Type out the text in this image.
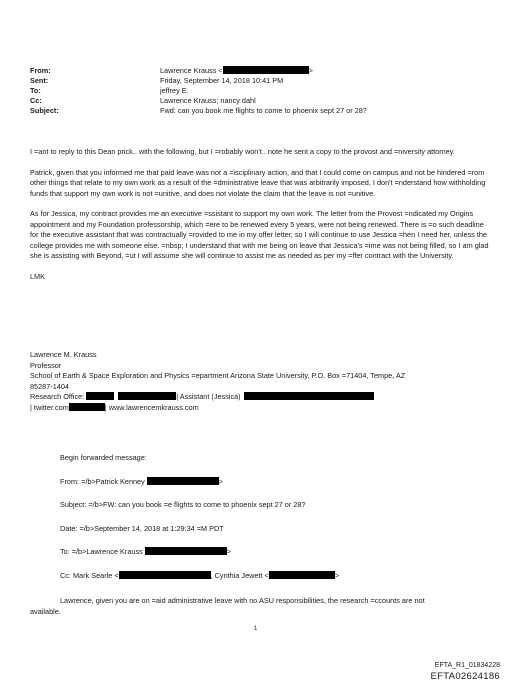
From:	Lawrence Krauss <	>
Sent:	Friday, September 14, 2018 10:41 PM
To:	jeffrey E.
Cc:	Lawrence Krauss; nancy dahl
Subject:	Fwd: can you book me flights to come to phoenix sept 27 or 28?

I =ant to reply to this Dean prick.. with the following, but I =robably won't.. note he sent a copy to the provost and =niversity attorney.

Patrick, given that you informed me that paid leave was not a =isciplinary action, and that I could come on campus and not be hindered =rom other things that relate to my own work as a result of the =dministrative leave that was arbitrarily imposed, I don't =nderstand how withholding funds that support my own work is not =unitive, and does not violate the claim that the leave is not =unitive.

As for Jessica, my contract provides me an executive =ssistant to support my own work. The letter from the Provost =ndicated my Origins appointment and my Foundation professorship, which =ere to be renewed every 5 years, were not being renewed. There is =o such deadline for the executive assistant that was contractually =rovided to me in my offer letter, so I will continue to use Jessica =hen I need her, unless the college provides me with someone else. =nbsp; I understand that with me being on leave that Jessica's =ime was not being filled, so I am glad she is assisting with Beyond, =ut I will assume she will continue to assist me as needed as per my =ffer contract with the University.

LMK

Lawrence M. Krauss
Professor
School of Earth & Space Exploration and Physics =epartment Arizona State University, P.O. Box =71404, Tempe, AZ
85287-1404
Research Office:	| Assistant (Jessica)
| twitter.com	| www.lawrencemkrauss.com
Begin forwarded message:
From: =/b>Patrick Kenney	>
Subject: =/b>FW: can you book =e flights to come to phoenix sept 27 or 28?
Date: =/b>September 14, 2018 at 1:29:34 =M PDT
To: =/b>Lawrence Krauss	>
Cc: Mark Searle <	, Cynthia Jewett <	>
Lawrence, given you are on =aid administrative leave with no ASU responsibilities, the research =ccounts are not
available.
1
EFTA_R1_01834228
EFTA02624186
